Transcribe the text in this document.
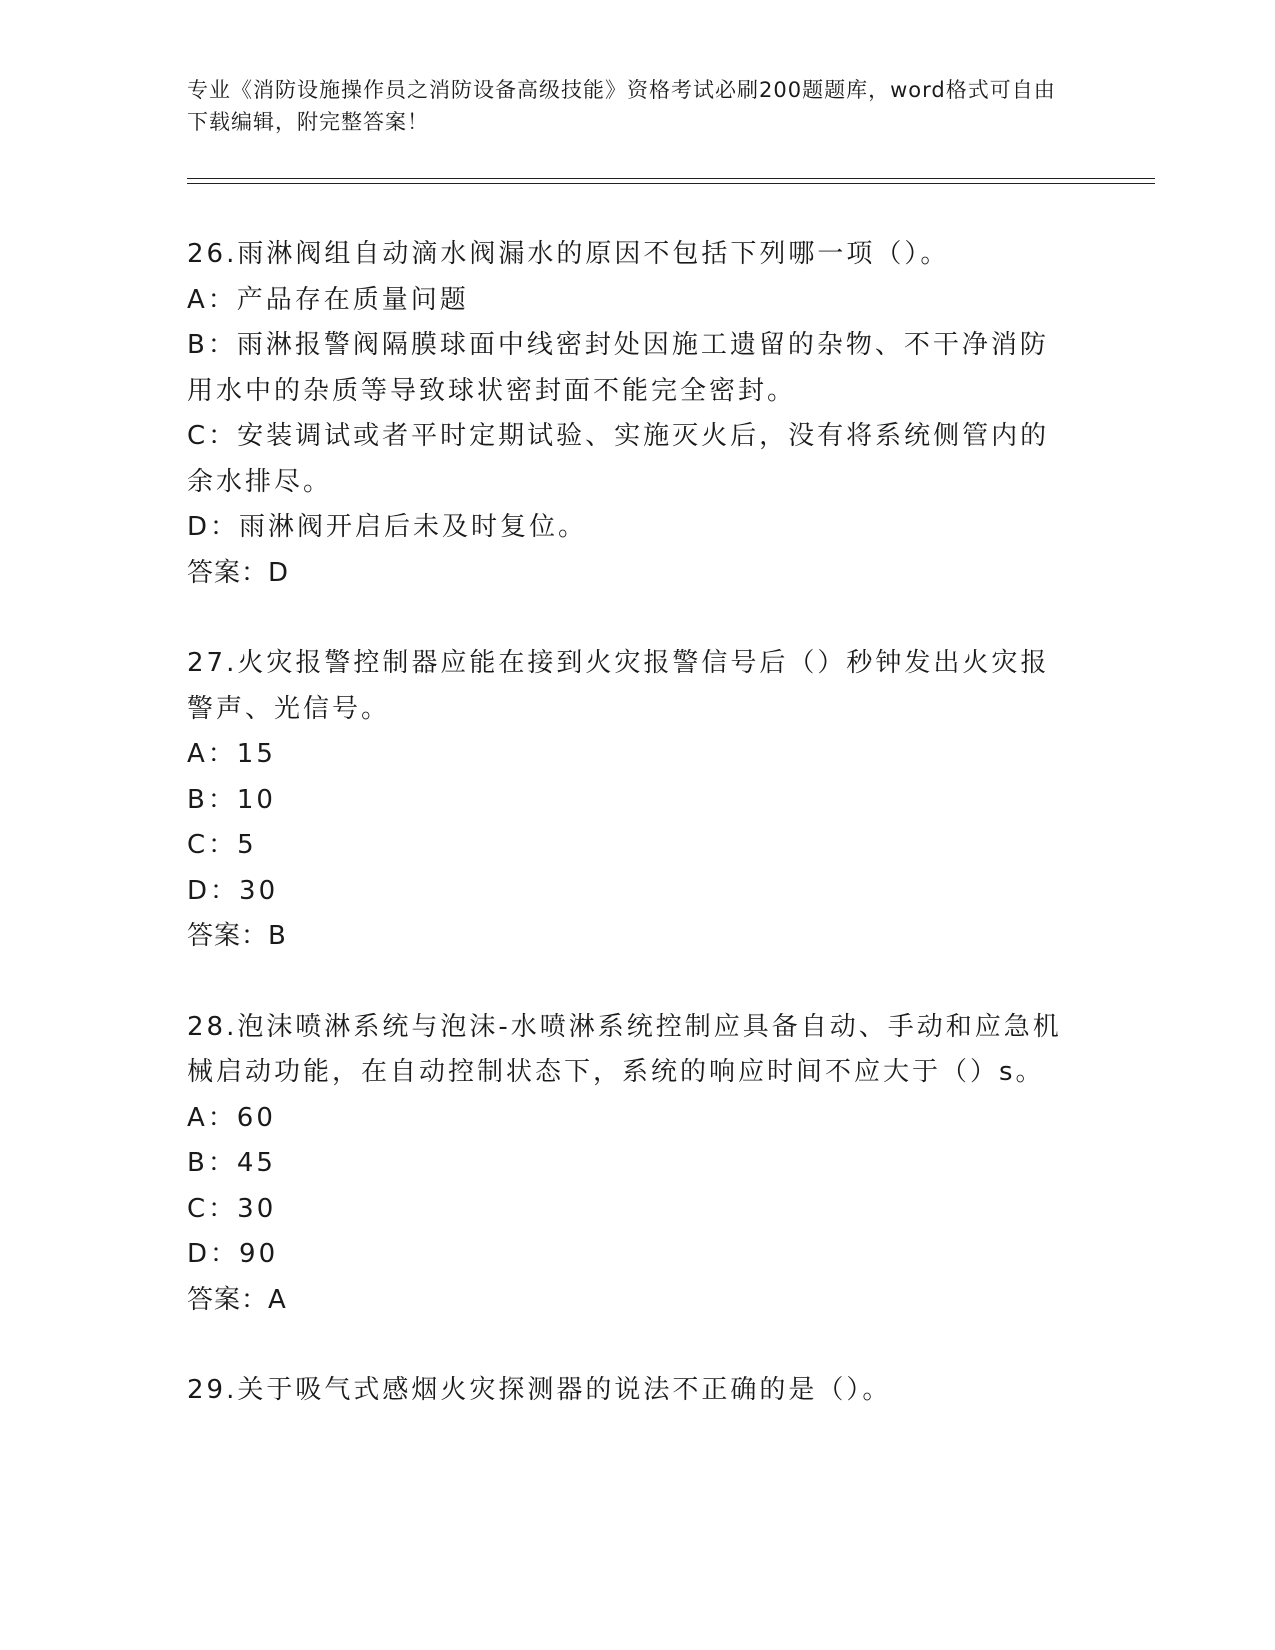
专业《消防设施操作员之消防设备高级技能》资格考试必刷200题题库，word格式可自由下载编辑，附完整答案！
26.雨淋阀组自动滴水阀漏水的原因不包括下列哪一项（）。
A：产品存在质量问题
B：雨淋报警阀隔膜球面中线密封处因施工遗留的杂物、不干净消防用水中的杂质等导致球状密封面不能完全密封。
C：安装调试或者平时定期试验、实施灭火后，没有将系统侧管内的余水排尽。
D：雨淋阀开启后未及时复位。
答案：D
27.火灾报警控制器应能在接到火灾报警信号后（）秒钟发出火灾报警声、光信号。
A：15
B：10
C：5
D：30
答案：B
28.泡沫喷淋系统与泡沫-水喷淋系统控制应具备自动、手动和应急机械启动功能，在自动控制状态下，系统的响应时间不应大于（）s。
A：60
B：45
C：30
D：90
答案：A
29.关于吸气式感烟火灾探测器的说法不正确的是（）。
